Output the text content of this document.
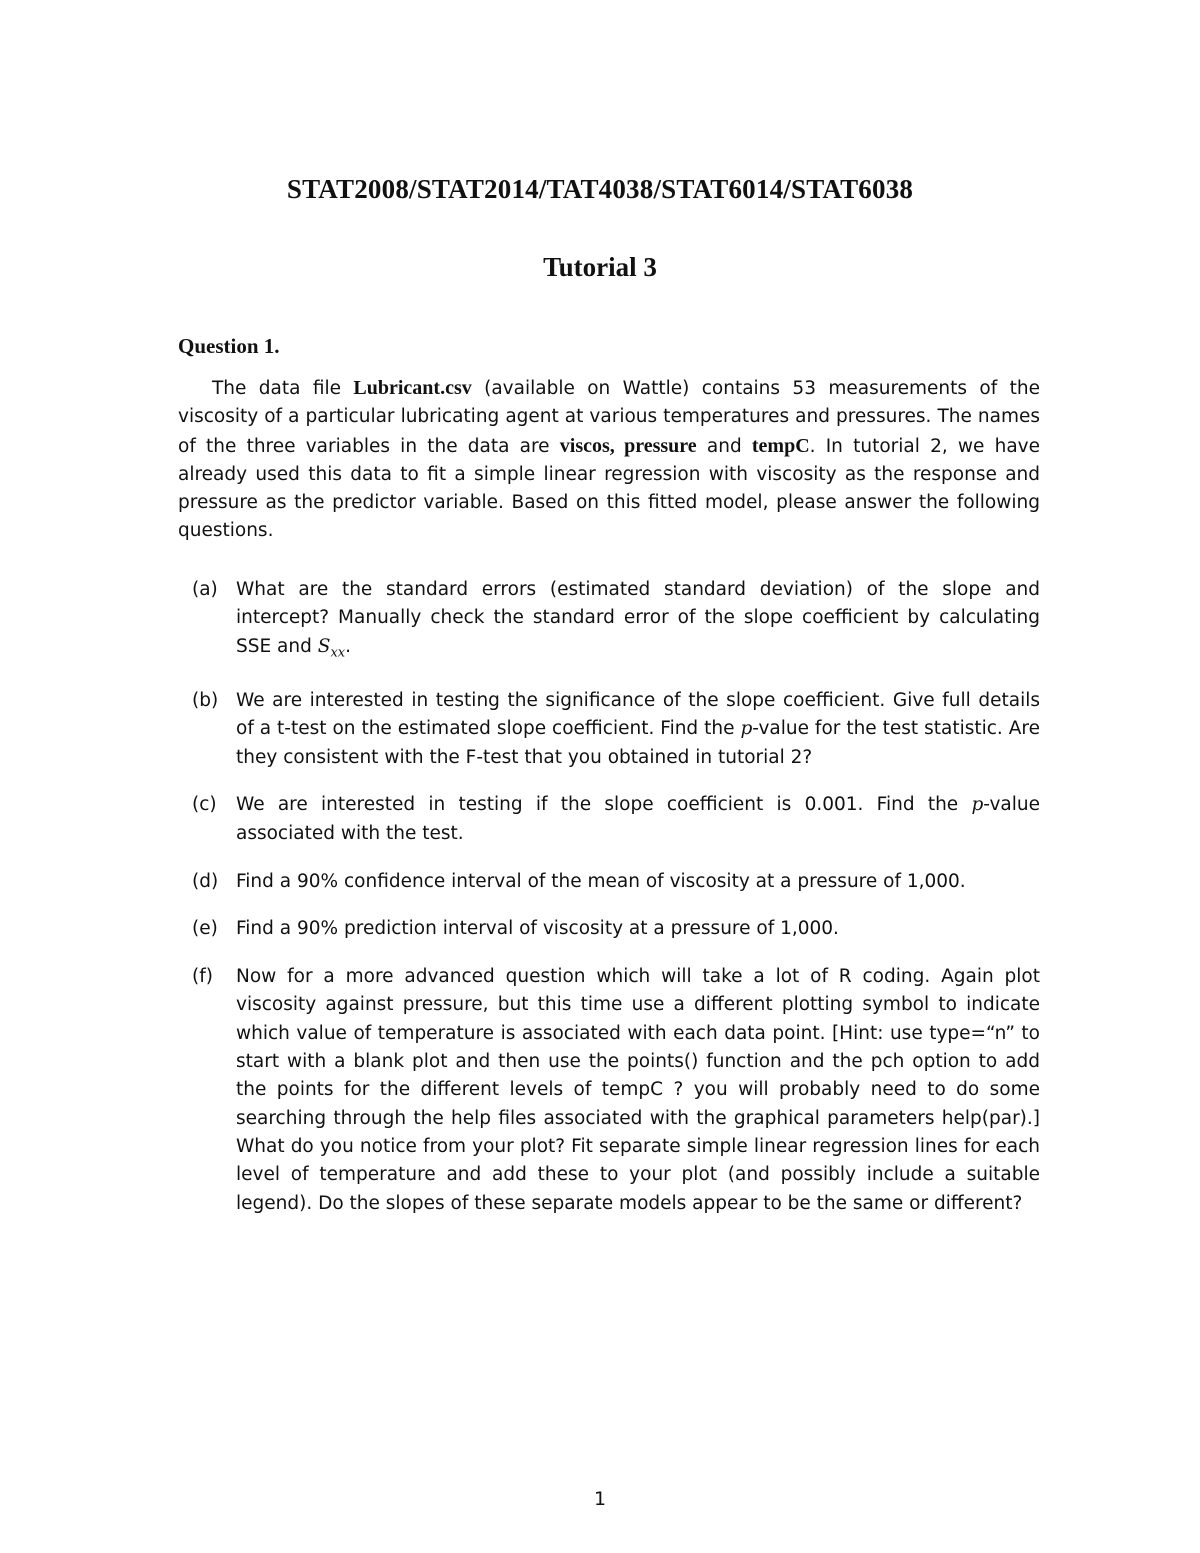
STAT2008/STAT2014/TAT4038/STAT6014/STAT6038
Tutorial 3
Question 1.

The data file Lubricant.csv (available on Wattle) contains 53 measurements of the viscosity of a particular lubricating agent at various temperatures and pressures. The names of the three variables in the data are viscos, pressure and tempC. In tutorial 2, we have already used this data to fit a simple linear regression with viscosity as the response and pressure as the predictor variable. Based on this fitted model, please answer the following questions.

(a) What are the standard errors (estimated standard deviation) of the slope and intercept? Manually check the standard error of the slope coefficient by calculating SSE and $S_{xx}$.
(b) We are interested in testing the significance of the slope coefficient. Give full details of a t-test on the estimated slope coefficient. Find the p-value for the test statistic. Are they consistent with the F-test that you obtained in tutorial 2?
(c) We are interested in testing if the slope coefficient is 0.001. Find the p-value associated with the test.
(d) Find a 90% confidence interval of the mean of viscosity at a pressure of 1,000.
(e) Find a 90% prediction interval of viscosity at a pressure of 1,000.
(f) Now for a more advanced question which will take a lot of R coding. Again plot viscosity against pressure, but this time use a different plotting symbol to indicate which value of temperature is associated with each data point. [Hint: use type=“n” to start with a blank plot and then use the points() function and the pch option to add the points for the different levels of tempC ? you will probably need to do some searching through the help files associated with the graphical parameters help(par).] What do you notice from your plot? Fit separate simple linear regression lines for each level of temperature and add these to your plot (and possibly include a suitable legend). Do the slopes of these separate models appear to be the same or different?
1
